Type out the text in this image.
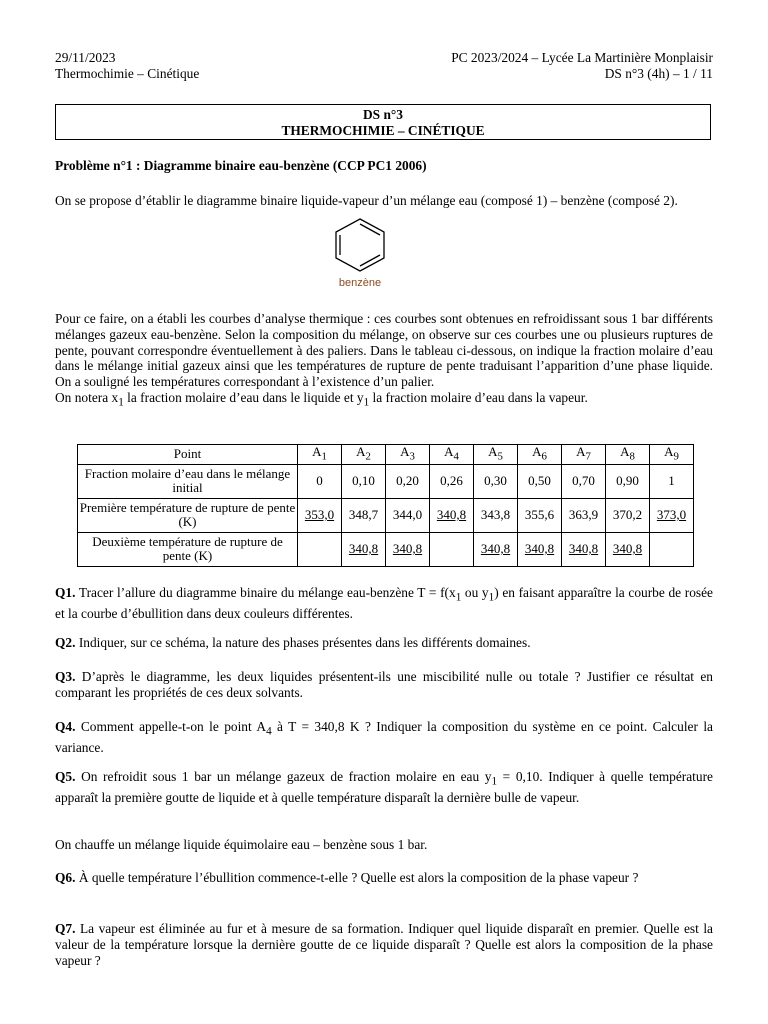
29/11/2023
Thermochimie – Cinétique
PC 2023/2024 – Lycée La Martinière Monplaisir
DS n°3 (4h) – 1 / 11
DS n°3
THERMOCHIMIE – CINÉTIQUE
Problème n°1 : Diagramme binaire eau-benzène (CCP PC1 2006)
On se propose d’établir le diagramme binaire liquide-vapeur d’un mélange eau (composé 1) – benzène (composé 2).
benzène
Pour ce faire, on a établi les courbes d’analyse thermique : ces courbes sont obtenues en refroidissant sous 1 bar différents mélanges gazeux eau-benzène. Selon la composition du mélange, on observe sur ces courbes une ou plusieurs ruptures de pente, pouvant correspondre éventuellement à des paliers. Dans le tableau ci-dessous, on indique la fraction molaire d’eau dans le mélange initial gazeux ainsi que les températures de rupture de pente traduisant l’apparition d’une phase liquide. On a souligné les températures correspondant à l’existence d’un palier.
On notera $x_1$ la fraction molaire d’eau dans le liquide et $y_1$ la fraction molaire d’eau dans la vapeur.
Point	$A_1$	$A_2$	$A_3$	$A_4$	$A_5$	$A_6$	$A_7$	$A_8$	$A_9$
Fraction molaire d’eau dans le mélange initial	0	0,10	0,20	0,26	0,30	0,50	0,70	0,90	1
Première température de rupture de pente (K)	353,0	348,7	344,0	340,8	343,8	355,6	363,9	370,2	373,0
Deuxième température de rupture de pente (K)		340,8	340,8		340,8	340,8	340,8	340,8	
Q1. Tracer l’allure du diagramme binaire du mélange eau-benzène $T = f(x_1$ ou $y_1$) en faisant apparaître la courbe de rosée et la courbe d’ébullition dans deux couleurs différentes.
Q2. Indiquer, sur ce schéma, la nature des phases présentes dans les différents domaines.
Q3. D’après le diagramme, les deux liquides présentent-ils une miscibilité nulle ou totale ? Justifier ce résultat en comparant les propriétés de ces deux solvants.
Q4. Comment appelle-t-on le point $A_4$ à T = 340,8 K ? Indiquer la composition du système en ce point. Calculer la variance.
Q5. On refroidit sous 1 bar un mélange gazeux de fraction molaire en eau $y_1 = 0,10$. Indiquer à quelle température apparaît la première goutte de liquide et à quelle température disparaît la dernière bulle de vapeur.
On chauffe un mélange liquide équimolaire eau – benzène sous 1 bar.
Q6. À quelle température l’ébullition commence-t-elle ? Quelle est alors la composition de la phase vapeur ?
Q7. La vapeur est éliminée au fur et à mesure de sa formation. Indiquer quel liquide disparaît en premier. Quelle est la valeur de la température lorsque la dernière goutte de ce liquide disparaît ? Quelle est alors la composition de la phase vapeur ?
